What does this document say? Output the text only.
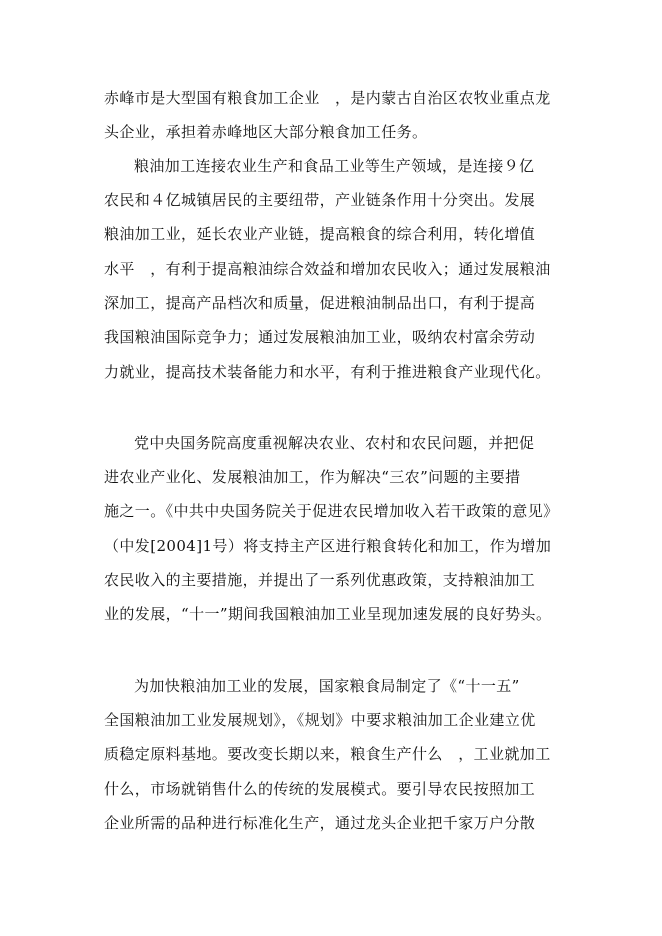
赤峰市是大型国有粮食加工企业　，是内蒙古自治区农牧业重点龙
头企业，承担着赤峰地区大部分粮食加工任务。
粮油加工连接农业生产和食品工业等生产领域，是连接９亿
农民和４亿城镇居民的主要纽带，产业链条作用十分突出。发展
粮油加工业，延长农业产业链，提高粮食的综合利用，转化增值
水平　，有利于提高粮油综合效益和增加农民收入；通过发展粮油
深加工，提高产品档次和质量，促进粮油制品出口，有利于提高
我国粮油国际竞争力；通过发展粮油加工业，吸纳农村富余劳动
力就业，提高技术装备能力和水平，有利于推进粮食产业现代化。
党中央国务院高度重视解决农业、农村和农民问题，并把促
进农业产业化、发展粮油加工，作为解决“三农”问题的主要措
施之一。《中共中央国务院关于促进农民增加收入若干政策的意见》
（中发[2004]1号）将支持主产区进行粮食转化和加工，作为增加
农民收入的主要措施，并提出了一系列优惠政策，支持粮油加工
业的发展，“十一”期间我国粮油加工业呈现加速发展的良好势头。
为加快粮油加工业的发展，国家粮食局制定了《“十一五”
全国粮油加工业发展规划》，《规划》中要求粮油加工企业建立优
质稳定原料基地。要改变长期以来，粮食生产什么　，工业就加工
什么，市场就销售什么的传统的发展模式。要引导农民按照加工
企业所需的品种进行标准化生产，通过龙头企业把千家万户分散
